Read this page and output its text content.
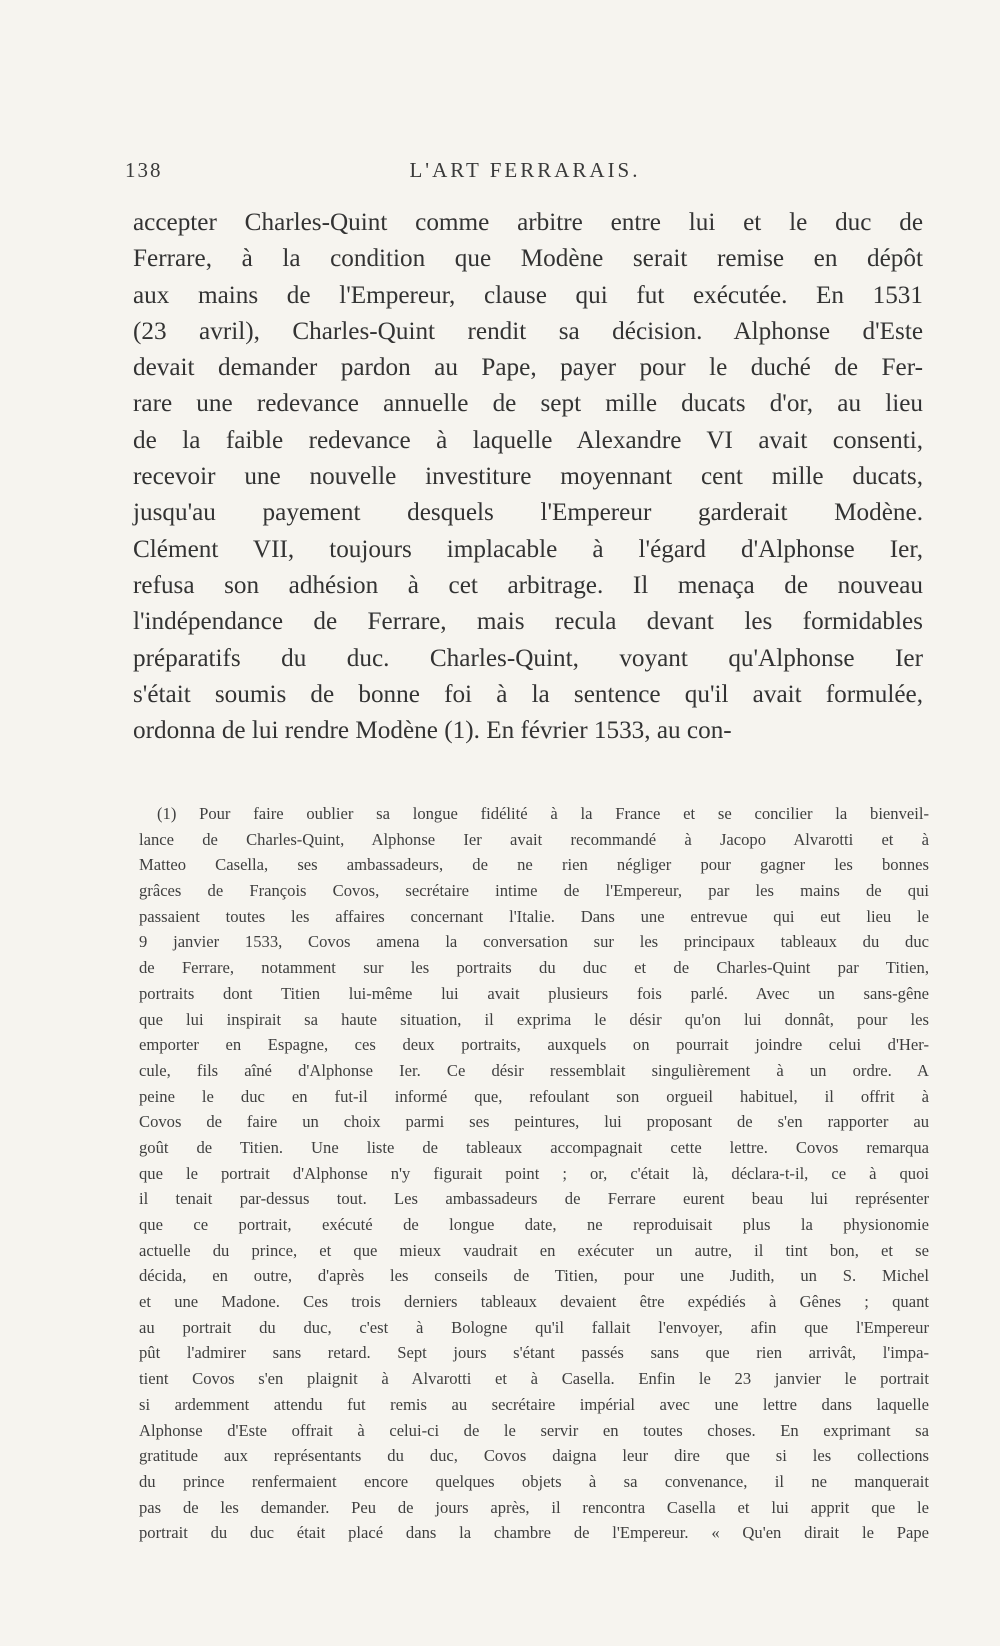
138	L'ART FERRARAIS.
accepter Charles-Quint comme arbitre entre lui et le duc de
Ferrare, à la condition que Modène serait remise en dépôt
aux mains de l'Empereur, clause qui fut exécutée. En 1531
(23 avril), Charles-Quint rendit sa décision. Alphonse d'Este
devait demander pardon au Pape, payer pour le duché de Fer-
rare une redevance annuelle de sept mille ducats d'or, au lieu
de la faible redevance à laquelle Alexandre VI avait consenti,
recevoir une nouvelle investiture moyennant cent mille ducats,
jusqu'au payement desquels l'Empereur garderait Modène.
Clément VII, toujours implacable à l'égard d'Alphonse Ier,
refusa son adhésion à cet arbitrage. Il menaça de nouveau
l'indépendance de Ferrare, mais recula devant les formidables
préparatifs du duc. Charles-Quint, voyant qu'Alphonse Ier
s'était soumis de bonne foi à la sentence qu'il avait formulée,
ordonna de lui rendre Modène (1). En février 1533, au con-
(1) Pour faire oublier sa longue fidélité à la France et se concilier la bienveil-
lance de Charles-Quint, Alphonse Ier avait recommandé à Jacopo Alvarotti et à
Matteo Casella, ses ambassadeurs, de ne rien négliger pour gagner les bonnes
grâces de François Covos, secrétaire intime de l'Empereur, par les mains de qui
passaient toutes les affaires concernant l'Italie. Dans une entrevue qui eut lieu le
9 janvier 1533, Covos amena la conversation sur les principaux tableaux du duc
de Ferrare, notamment sur les portraits du duc et de Charles-Quint par Titien,
portraits dont Titien lui-même lui avait plusieurs fois parlé. Avec un sans-gêne
que lui inspirait sa haute situation, il exprima le désir qu'on lui donnât, pour les
emporter en Espagne, ces deux portraits, auxquels on pourrait joindre celui d'Her-
cule, fils aîné d'Alphonse Ier. Ce désir ressemblait singulièrement à un ordre. A
peine le duc en fut-il informé que, refoulant son orgueil habituel, il offrit à
Covos de faire un choix parmi ses peintures, lui proposant de s'en rapporter au
goût de Titien. Une liste de tableaux accompagnait cette lettre. Covos remarqua
que le portrait d'Alphonse n'y figurait point ; or, c'était là, déclara-t-il, ce à quoi
il tenait par-dessus tout. Les ambassadeurs de Ferrare eurent beau lui représenter
que ce portrait, exécuté de longue date, ne reproduisait plus la physionomie
actuelle du prince, et que mieux vaudrait en exécuter un autre, il tint bon, et se
décida, en outre, d'après les conseils de Titien, pour une Judith, un S. Michel
et une Madone. Ces trois derniers tableaux devaient être expédiés à Gênes ; quant
au portrait du duc, c'est à Bologne qu'il fallait l'envoyer, afin que l'Empereur
pût l'admirer sans retard. Sept jours s'étant passés sans que rien arrivât, l'impa-
tient Covos s'en plaignit à Alvarotti et à Casella. Enfin le 23 janvier le portrait
si ardemment attendu fut remis au secrétaire impérial avec une lettre dans laquelle
Alphonse d'Este offrait à celui-ci de le servir en toutes choses. En exprimant sa
gratitude aux représentants du duc, Covos daigna leur dire que si les collections
du prince renfermaient encore quelques objets à sa convenance, il ne manquerait
pas de les demander. Peu de jours après, il rencontra Casella et lui apprit que le
portrait du duc était placé dans la chambre de l'Empereur. « Qu'en dirait le Pape
